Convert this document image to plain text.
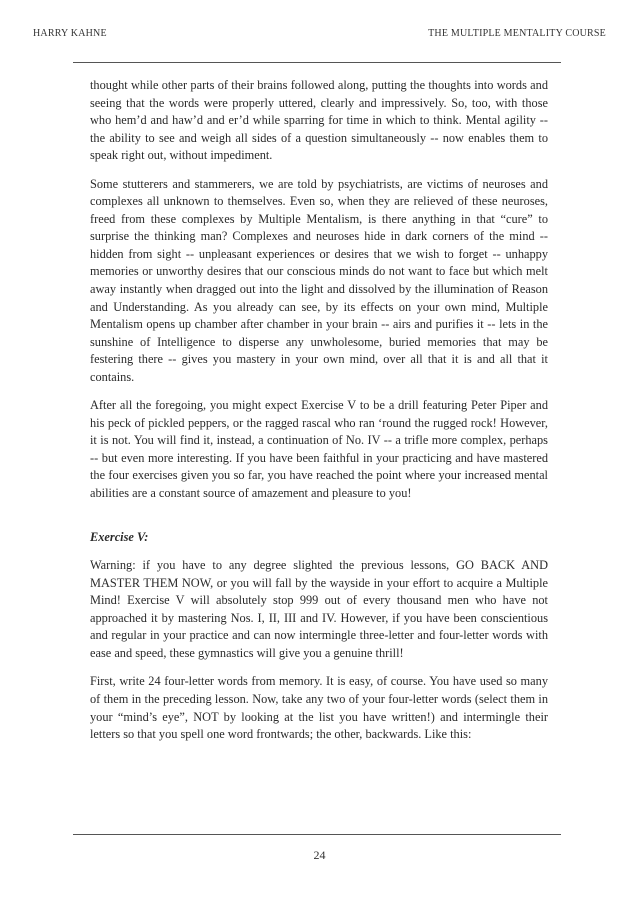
HARRY KAHNE	THE MULTIPLE MENTALITY COURSE

thought while other parts of their brains followed along, putting the thoughts into words and seeing that the words were properly uttered, clearly and impressively. So, too, with those who hem’d and haw’d and er’d while sparring for time in which to think. Mental agility -- the ability to see and weigh all sides of a question simultaneously -- now enables them to speak right out, without impediment.

Some stutterers and stammerers, we are told by psychiatrists, are victims of neuroses and complexes all unknown to themselves. Even so, when they are relieved of these neuroses, freed from these complexes by Multiple Mentalism, is there anything in that “cure” to surprise the thinking man? Complexes and neuroses hide in dark corners of the mind -- hidden from sight -- unpleasant experiences or desires that we wish to forget -- unhappy memories or unworthy desires that our conscious minds do not want to face but which melt away instantly when dragged out into the light and dissolved by the illumination of Reason and Understanding. As you already can see, by its effects on your own mind, Multiple Mentalism opens up chamber after chamber in your brain -- airs and purifies it -- lets in the sunshine of Intelligence to disperse any unwholesome, buried memories that may be festering there -- gives you mastery in your own mind, over all that it is and all that it contains.

After all the foregoing, you might expect Exercise V to be a drill featuring Peter Piper and his peck of pickled peppers, or the ragged rascal who ran ‘round the rugged rock! However, it is not. You will find it, instead, a continuation of No. IV -- a trifle more complex, perhaps -- but even more interesting. If you have been faithful in your practicing and have mastered the four exercises given you so far, you have reached the point where your increased mental abilities are a constant source of amazement and pleasure to you!

Exercise V:

Warning: if you have to any degree slighted the previous lessons, GO BACK AND MASTER THEM NOW, or you will fall by the wayside in your effort to acquire a Multiple Mind! Exercise V will absolutely stop 999 out of every thousand men who have not approached it by mastering Nos. I, II, III and IV. However, if you have been conscientious and regular in your practice and can now intermingle three-letter and four-letter words with ease and speed, these gymnastics will give you a genuine thrill!

First, write 24 four-letter words from memory. It is easy, of course. You have used so many of them in the preceding lesson. Now, take any two of your four-letter words (select them in your “mind’s eye”, NOT by looking at the list you have written!) and intermingle their letters so that you spell one word frontwards; the other, backwards. Like this:

24
